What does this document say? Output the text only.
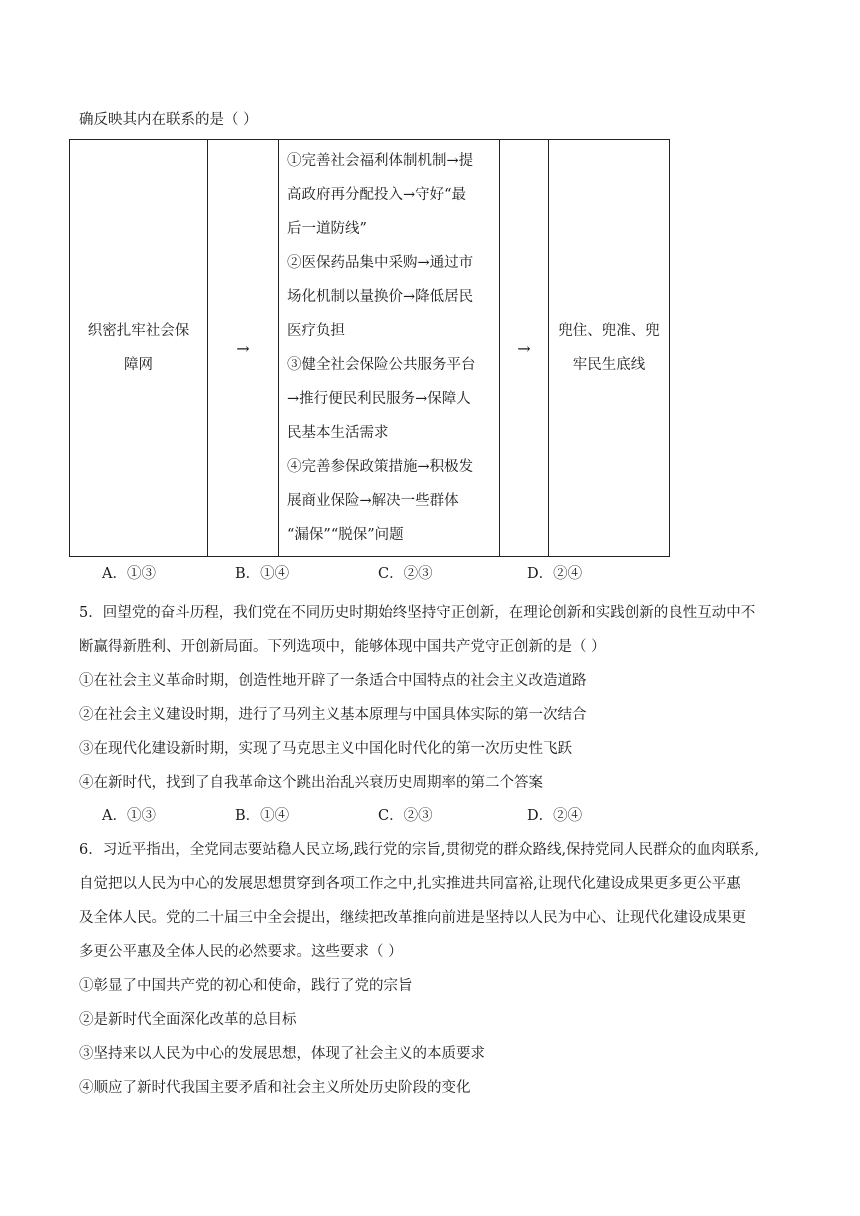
确反映其内在联系的是（ ）
织密扎牢社会保
障网	→	
①完善社会福利体制机制→提
高政府再分配投入→守好“最
后一道防线”
②医保药品集中采购→通过市
场化机制以量换价→降低居民
医疗负担
③健全社会保险公共服务平台
→推行便民利民服务→保障人
民基本生活需求
④完善参保政策措施→积极发
展商业保险→解决一些群体
“漏保”“脱保”问题
	→	兜住、兜准、兜
牢民生底线
A．①③	B．①④	C．②③	D．②④
5．回望党的奋斗历程，我们党在不同历史时期始终坚持守正创新，在理论创新和实践创新的良性互动中不
断赢得新胜利、开创新局面。下列选项中，能够体现中国共产党守正创新的是（ ）
①在社会主义革命时期，创造性地开辟了一条适合中国特点的社会主义改造道路
②在社会主义建设时期，进行了马列主义基本原理与中国具体实际的第一次结合
③在现代化建设新时期，实现了马克思主义中国化时代化的第一次历史性飞跃
④在新时代，找到了自我革命这个跳出治乱兴衰历史周期率的第二个答案
A．①③	B．①④	C．②③	D．②④
6．习近平指出，全党同志要站稳人民立场,践行党的宗旨,贯彻党的群众路线,保持党同人民群众的血肉联系,
自觉把以人民为中心的发展思想贯穿到各项工作之中,扎实推进共同富裕,让现代化建设成果更多更公平惠
及全体人民。党的二十届三中全会提出，继续把改革推向前进是坚持以人民为中心、让现代化建设成果更
多更公平惠及全体人民的必然要求。这些要求（ ）
①彰显了中国共产党的初心和使命，践行了党的宗旨
②是新时代全面深化改革的总目标
③坚持来以人民为中心的发展思想，体现了社会主义的本质要求
④顺应了新时代我国主要矛盾和社会主义所处历史阶段的变化
